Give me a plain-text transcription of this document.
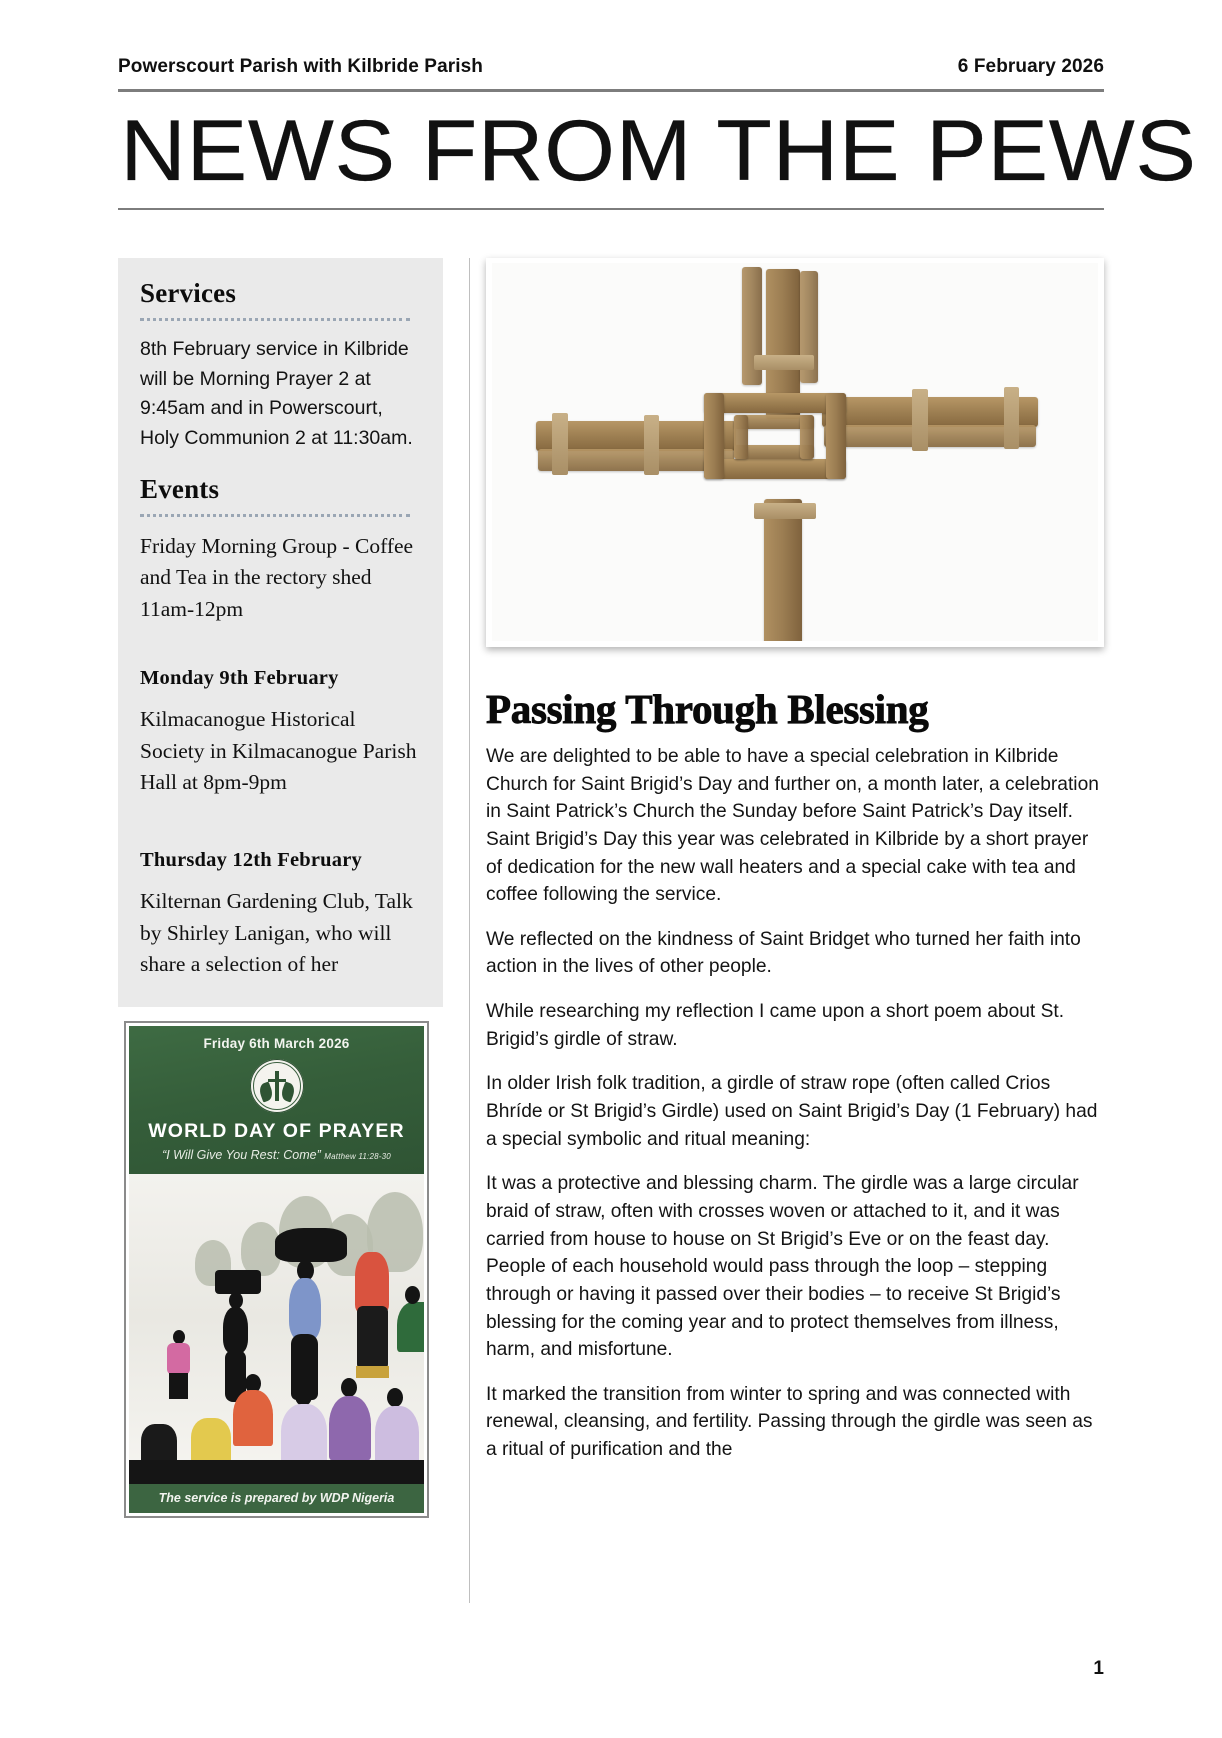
Powerscourt Parish with Kilbride Parish	6 February 2026
NEWS FROM THE PEWS
Services

8th February service in Kilbride will be Morning Prayer 2 at 9:45am and in Powerscourt, Holy Communion 2 at 11:30am.

Events

Friday Morning Group - Coffee and Tea in the rectory shed 11am-12pm

Monday 9th February

Kilmacanogue Historical Society in Kilmacanogue Parish Hall at 8pm-9pm

Thursday 12th February

Kilternan Gardening Club, Talk by Shirley Lanigan, who will share a selection of her

Friday 6th March 2026
WORLD DAY OF PRAYER
“I Will Give You Rest: Come” Matthew 11:28-30
The service is prepared by WDP Nigeria
Passing Through Blessing

We are delighted to be able to have a special celebration in Kilbride Church for Saint Brigid’s Day and further on, a month later, a celebration in Saint Patrick’s Church the Sunday before Saint Patrick’s Day itself. Saint Brigid’s Day this year was celebrated in Kilbride by a short prayer of dedication for the new wall heaters and a special cake with tea and coffee following the service.

We reflected on the kindness of Saint Bridget who turned her faith into action in the lives of other people.

While researching my reflection I came upon a short poem about St. Brigid’s girdle of straw.

In older Irish folk tradition, a girdle of straw rope (often called Crios Bhríde or St Brigid’s Girdle) used on Saint Brigid’s Day (1 February) had a special symbolic and ritual meaning:

It was a protective and blessing charm. The girdle was a large circular braid of straw, often with crosses woven or attached to it, and it was carried from house to house on St Brigid’s Eve or on the feast day. People of each household would pass through the loop – stepping through or having it passed over their bodies – to receive St Brigid’s blessing for the coming year and to protect themselves from illness, harm, and misfortune.

It marked the transition from winter to spring and was connected with renewal, cleansing, and fertility. Passing through the girdle was seen as a ritual of purification and the

1
